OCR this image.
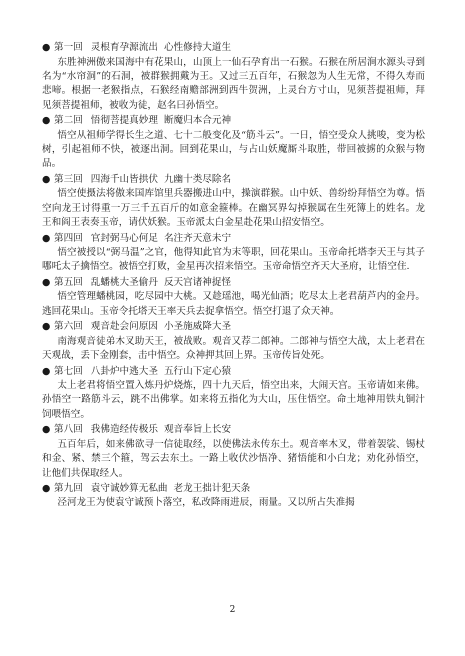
● 第一回 灵根育孕源流出 心性修持大道生

东胜神洲傲来国海中有花果山，山顶上一仙石孕育出一石猴。石猴在所居涧水源头寻到名为“水帘洞”的石洞，被群猴拥戴为王。又过三五百年，石猴忽为人生无常，不得久寿而悲啼。根据一老猴指点，石猴经南赡部洲到西牛贺洲，上灵台方寸山，见须菩提祖师，拜见须菩提祖师，被收为徒，赵名曰孙悟空。

● 第二回 悟彻菩提真妙理 断魔归本合元神

悟空从祖师学得长生之道、七十二般变化及“筋斗云”。一日，悟空受众人挑唆，变为松树，引起祖师不快，被逐出洞。回到花果山，与占山妖魔厮斗取胜，带回被掳的众猴与物品。

● 第三回 四海千山皆拱伏 九幽十类尽除名

悟空使摄法将傲来国库馆里兵器搬进山中，操演群猴。山中妖、兽纷纷拜悟空为尊。悟空向龙王讨得重一万三千五百斤的如意金箍棒。在幽冥界勾掉猴属在生死簿上的姓名。龙王和阎王表奏玉帝，请伏妖猴。玉帝派太白金星赴花果山招安悟空。

● 第四回 官封弼马心何足 名注齐天意未宁

悟空被授以“弼马温”之官，他得知此官为末等职，回花果山。玉帝命托塔李天王与其子哪吒太子擒悟空。被悟空打败，金星再次招来悟空。玉帝命悟空齐天大圣府，让悟空住.

● 第五回 乱蟠桃大圣偷丹 反天宫诸神捉怪

悟空管理蟠桃园，吃尽园中大桃。又趁瑶池，喝光仙酒；吃尽太上老君葫芦内的金丹。逃回花果山。玉帝令托塔天王率天兵去捉拿悟空。悟空打退了众天神。

● 第六回 观音赴会问原因 小圣施威降大圣

南海观音徒弟木叉助天王，被战败。观音又荐二郎神。二郎神与悟空大战，太上老君在天观战，丢下金刚套，击中悟空。众神押其回上界。玉帝传旨处死。

● 第七回 八卦炉中逃大圣 五行山下定心猿

太上老君将悟空置入炼丹炉烧炼，四十九天后，悟空出来，大闹天宫。玉帝请如来佛。孙悟空一路筋斗云，跳不出佛掌。如来将五指化为大山，压住悟空。命土地神用铁丸铜汁饲喂悟空。

● 第八回 我佛造经传极乐 观音奉旨上长安

五百年后，如来佛欲寻一信徒取经，以使佛法永传东土。观音率木叉，带着袈裟、锡杖和金、紧、禁三个箍，驾云去东土。一路上收伏沙悟净、猪悟能和小白龙；劝化孙悟空，让他们共保取经人。

● 第九回 袁守诚妙算无私曲 老龙王拙计犯天条

泾河龙王为使袁守诚预卜落空，私改降雨进辰，雨量。又以所占失准揭

2
